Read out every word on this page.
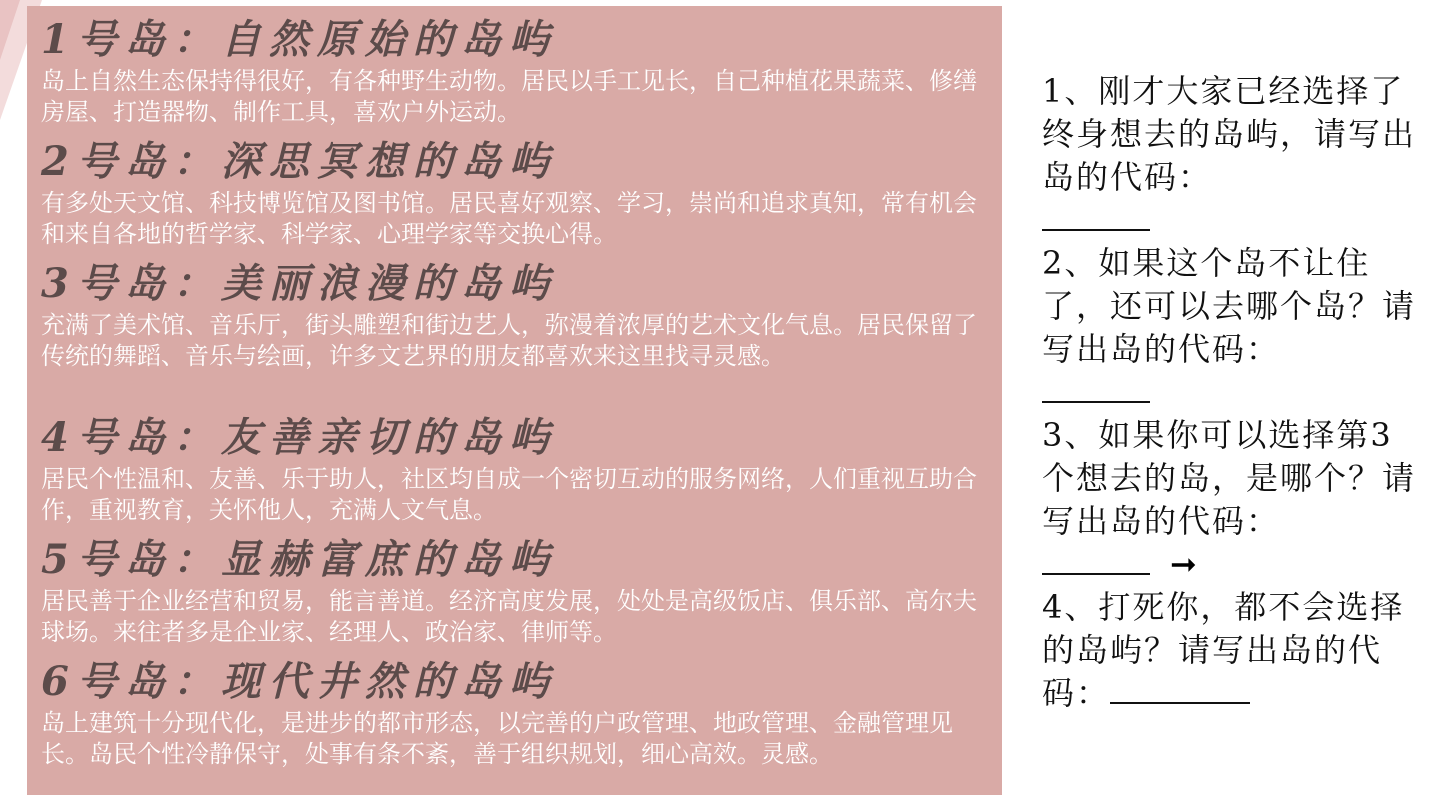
1号岛：自然原始的岛屿
岛上自然生态保持得很好，有各种野生动物。居民以手工见长，自己种植花果蔬菜、修缮房屋、打造器物、制作工具，喜欢户外运动。
2号岛：深思冥想的岛屿
有多处天文馆、科技博览馆及图书馆。居民喜好观察、学习，崇尚和追求真知，常有机会和来自各地的哲学家、科学家、心理学家等交换心得。
3号岛：美丽浪漫的岛屿
充满了美术馆、音乐厅，街头雕塑和街边艺人，弥漫着浓厚的艺术文化气息。居民保留了传统的舞蹈、音乐与绘画，许多文艺界的朋友都喜欢来这里找寻灵感。
4号岛：友善亲切的岛屿
居民个性温和、友善、乐于助人，社区均自成一个密切互动的服务网络，人们重视互助合作，重视教育，关怀他人，充满人文气息。
5号岛：显赫富庶的岛屿
居民善于企业经营和贸易，能言善道。经济高度发展，处处是高级饭店、俱乐部、高尔夫球场。来往者多是企业家、经理人、政治家、律师等。
6号岛：现代井然的岛屿
岛上建筑十分现代化，是进步的都市形态，以完善的户政管理、地政管理、金融管理见长。岛民个性冷静保守，处事有条不紊，善于组织规划，细心高效。灵感。

1、刚才大家已经选择了终身想去的岛屿，请写出岛的代码：

2、如果这个岛不让住了，还可以去哪个岛？请写出岛的代码：

3、如果你可以选择第3个想去的岛，是哪个？请写出岛的代码：
➞

4、打死你，都不会选择的岛屿？请写出岛的代码：
